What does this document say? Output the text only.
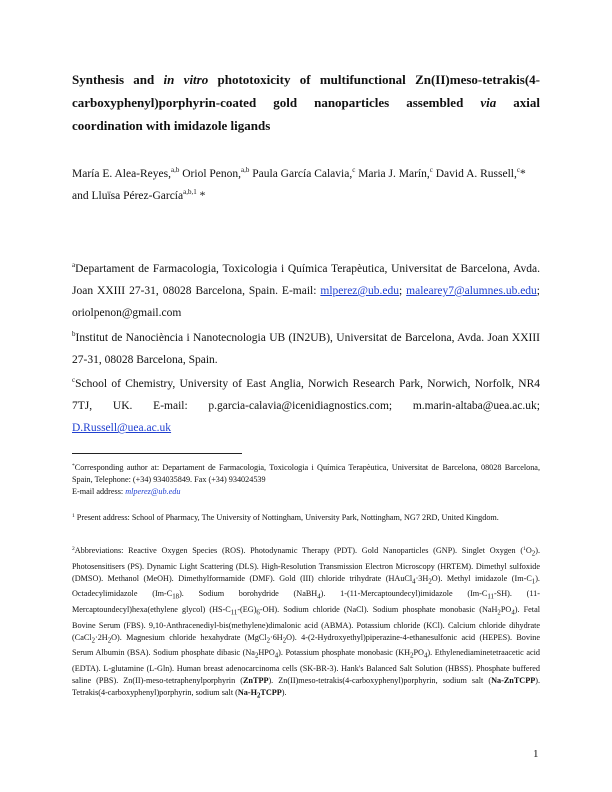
Synthesis and in vitro phototoxicity of multifunctional Zn(II)meso-tetrakis(4-carboxyphenyl)porphyrin-coated gold nanoparticles assembled via axial coordination with imidazole ligands

María E. Alea-Reyes,$^{a,b}$ Oriol Penon,$^{a,b}$ Paula García Calavia,$^c$ Maria J. Marín,$^c$ David A. Russell,$^c$* and Lluïsa Pérez-García$^{a,b,1}$ *

$^a$Departament de Farmacologia, Toxicologia i Química Terapèutica, Universitat de Barcelona, Avda. Joan XXIII 27-31, 08028 Barcelona, Spain. E-mail: mlperez@ub.edu; malearey7@alumnes.ub.edu; oriolpenon@gmail.com

$^b$Institut de Nanociència i Nanotecnologia UB (IN2UB), Universitat de Barcelona, Avda. Joan XXIII 27-31, 08028 Barcelona, Spain.

$^c$School of Chemistry, University of East Anglia, Norwich Research Park, Norwich, Norfolk, NR4 7TJ, UK. E-mail: p.garcia-calavia@icenidiagnostics.com; m.marin-altaba@uea.ac.uk; D.Russell@uea.ac.uk

*Corresponding author at: Departament de Farmacologia, Toxicologia i Química Terapèutica, Universitat de Barcelona, 08028 Barcelona, Spain, Telephone: (+34) 934035849. Fax (+34) 934024539
E-mail address: mlperez@ub.edu

$^1$ Present address: School of Pharmacy, The University of Nottingham, University Park, Nottingham, NG7 2RD, United Kingdom.

$^2$Abbreviations: Reactive Oxygen Species (ROS). Photodynamic Therapy (PDT). Gold Nanoparticles (GNP). Singlet Oxygen $(^1O_2)$. Photosensitisers (PS). Dynamic Light Scattering (DLS). High-Resolution Transmission Electron Microscopy (HRTEM). Dimethyl sulfoxide (DMSO). Methanol (MeOH). Dimethylformamide (DMF). Gold (III) chloride trihydrate $(HAuCl_4\cdot 3H_2O)$. Methyl imidazole $(Im-C_1)$. Octadecylimidazole $(Im-C_{18})$. Sodium borohydride (NaBH$_4$). 1-(11-Mercaptoundecyl)imidazole $(Im-C_{11}-SH)$. (11-Mercaptoundecyl)hexa(ethylene glycol) $(HS-C_{11}-(EG)_6-OH)$. Sodium chloride (NaCl). Sodium phosphate monobasic $(NaH_2PO_4)$. Fetal Bovine Serum (FBS). 9,10-Anthracenediyl-bis(methylene)dimalonic acid (ABMA). Potassium chloride (KCl). Calcium chloride dihydrate $(CaCl_2\cdot 2H_2O)$. Magnesium chloride hexahydrate $(MgCl_2\cdot 6H_2O)$. 4-(2-Hydroxyethyl)piperazine-4-ethanesulfonic acid (HEPES). Bovine Serum Albumin (BSA). Sodium phosphate dibasic $(Na_2HPO_4)$. Potassium phosphate monobasic $(KH_2PO_4)$. Ethylenediaminetetraacetic acid (EDTA). L-glutamine (L-Gln). Human breast adenocarcinoma cells (SK-BR-3). Hank's Balanced Salt Solution (HBSS). Phosphate buffered saline (PBS). Zn(II)-meso-tetraphenylporphyrin (ZnTPP). Zn(II)meso-tetrakis(4-carboxyphenyl)porphyrin, sodium salt (Na-ZnTCPP). Tetrakis(4-carboxyphenyl)porphyrin, sodium salt $(Na-H_2TCPP)$.

1
